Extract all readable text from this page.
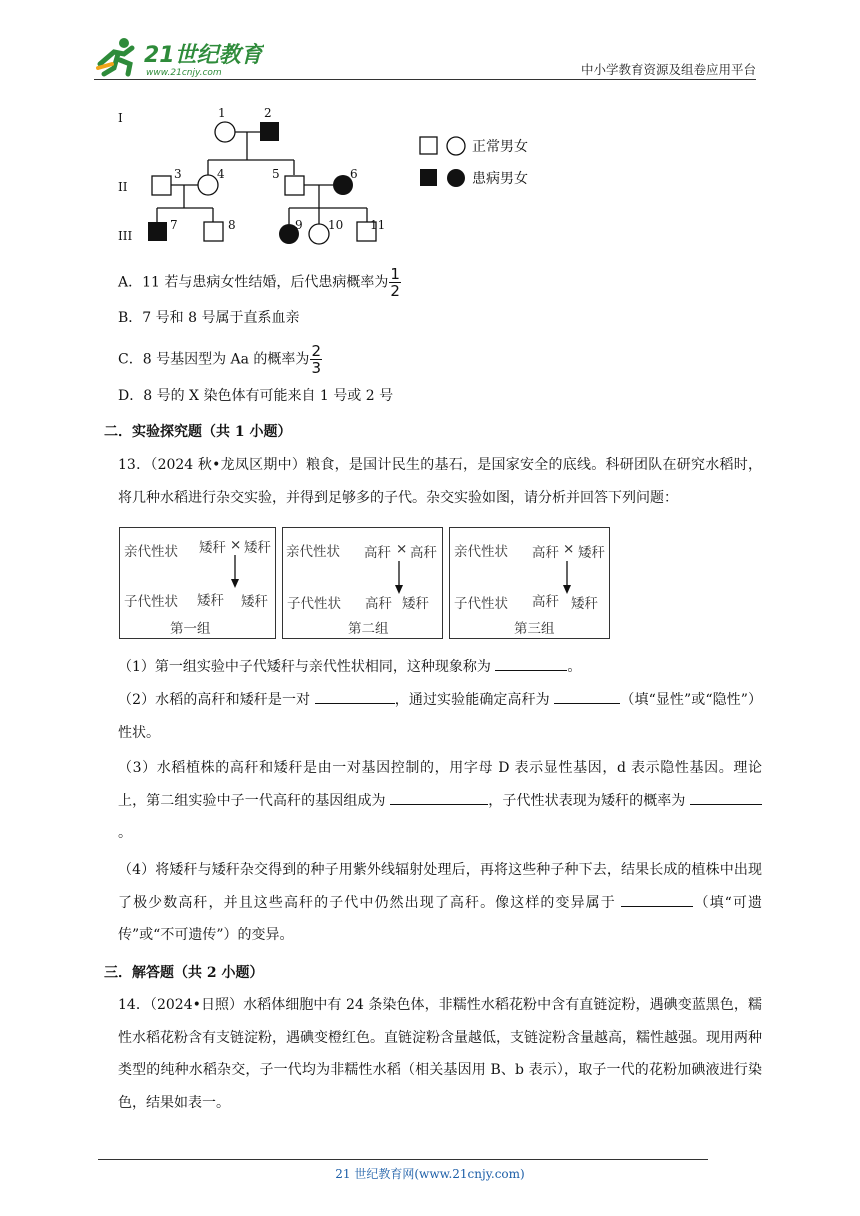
21世纪教育
www.21cnjy.com	中小学教育资源及组卷应用平台
I
II
III
1	2
3	4	5	6
7	8	9 10 11
正常男女
患病男女
A．11 若与患病女性结婚，后代患病概率为 $\frac{1}{2}$
B．7 号和 8 号属于直系血亲
C．8 号基因型为 Aa 的概率为 $\frac{2}{3}$
D．8 号的 X 染色体有可能来自 1 号或 2 号
二．实验探究题（共 1 小题）
13．（2024 秋•龙凤区期中）粮食，是国计民生的基石，是国家安全的底线。科研团队在研究水稻时，将几种水稻进行杂交实验，并得到足够多的子代。杂交实验如图，请分析并回答下列问题：
亲代性状 矮秆 × 矮秆
子代性状 矮秆 矮秆
第一组
亲代性状 高秆 × 高秆
子代性状 高秆 矮秆
第二组
亲代性状 高秆 × 矮秆
子代性状 高秆 矮秆
第三组
（1）第一组实验中子代矮秆与亲代性状相同，这种现象称为	。
（2）水稻的高秆和矮秆是一对	，通过实验能确定高秆为	（填“显性”或“隐性”）性状。
（3）水稻植株的高秆和矮秆是由一对基因控制的，用字母 D 表示显性基因，d 表示隐性基因。理论上，第二组实验中子一代高秆的基因组成为	，子代性状表现为矮秆的概率为 。
（4）将矮秆与矮秆杂交得到的种子用紫外线辐射处理后，再将这些种子种下去，结果长成的植株中出现了极少数高秆，并且这些高秆的子代中仍然出现了高秆。像这样的变异属于	（填“可遗传”或“不可遗传”）的变异。
三．解答题（共 2 小题）
14．（2024•日照）水稻体细胞中有 24 条染色体，非糯性水稻花粉中含有直链淀粉，遇碘变蓝黑色，糯性水稻花粉含有支链淀粉，遇碘变橙红色。直链淀粉含量越低，支链淀粉含量越高，糯性越强。现用两种类型的纯种水稻杂交，子一代均为非糯性水稻（相关基因用 B、b 表示），取子一代的花粉加碘液进行染色，结果如表一。
21 世纪教育网(www.21cnjy.com)
